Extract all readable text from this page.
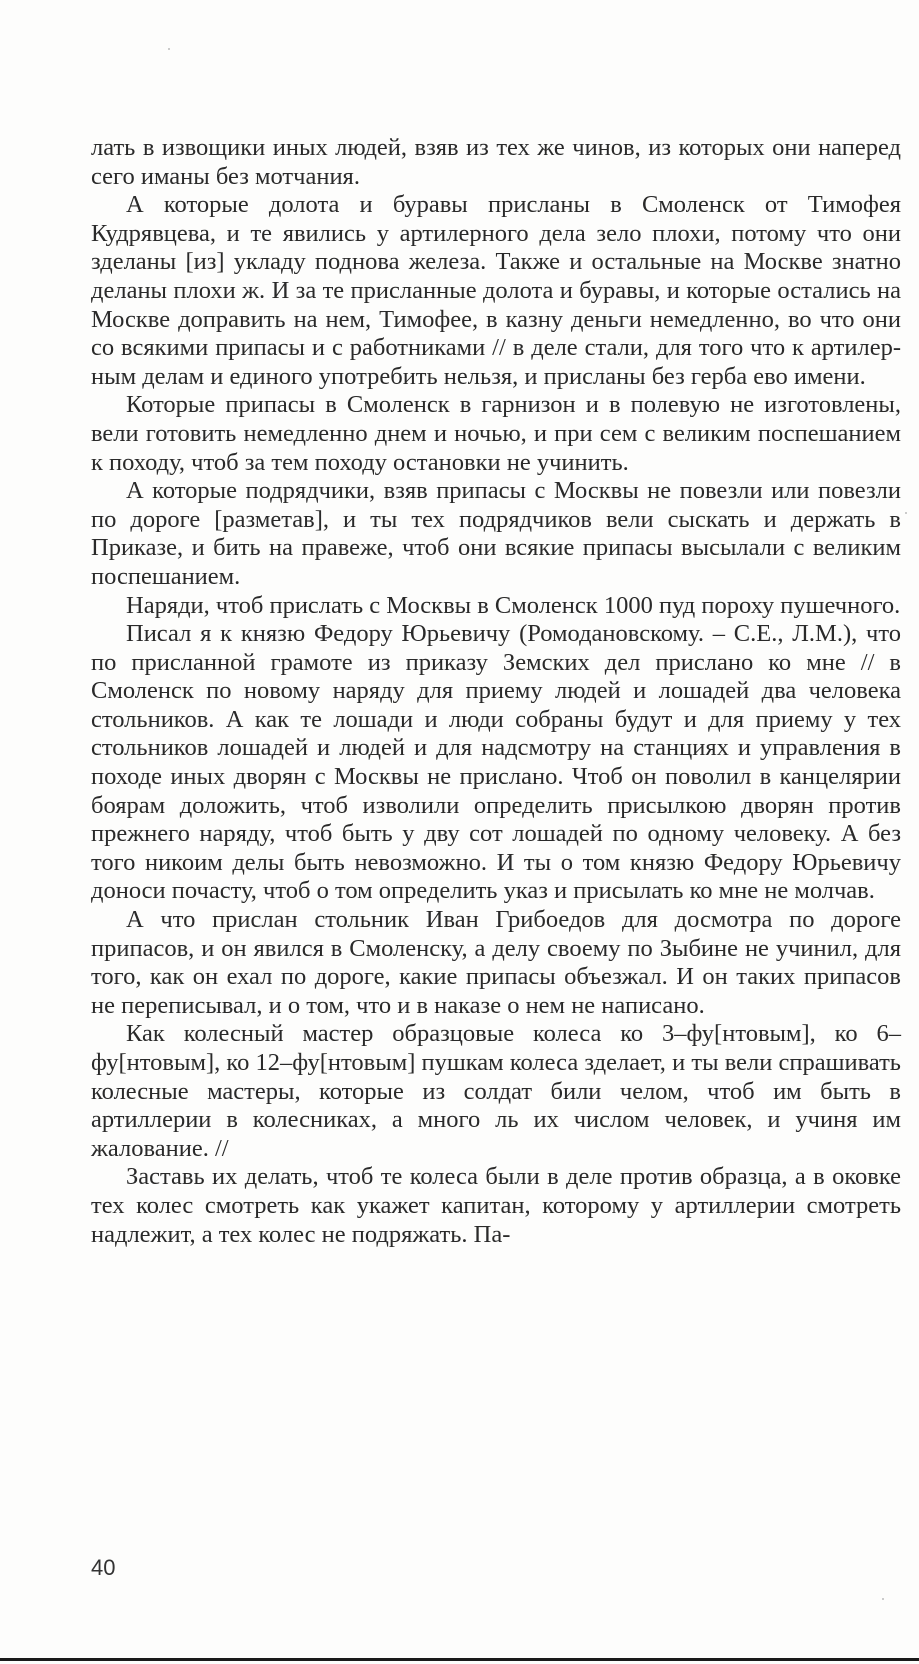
лать в извощики иных людей, взяв из тех же чинов, из которых они наперед сего иманы без мотчания.

А которые долота и буравы присланы в Смоленск от Тимофея Кудрявцева, и те явились у артилерного дела зело плохи, потому что они зделаны [из] укладу поднова железа. Также и остальные на Москве знатно деланы плохи ж. И за те присланные долота и буравы, и которые остались на Москве доправить на нем, Тимофее, в казну деньги немедленно, во что они со всякими припасы и с работниками // в деле стали, для того что к артилерным делам и единого употребить нельзя, и присланы без герба ево имени.

Которые припасы в Смоленск в гарнизон и в полевую не изготовлены, вели готовить немедленно днем и ночью, и при сем с великим поспешанием к походу, чтоб за тем походу остановки не учинить.

А которые подрядчики, взяв припасы с Москвы не повезли или повезли по дороге [разметав], и ты тех подрядчиков вели сыскать и держать в Приказе, и бить на правеже, чтоб они всякие припасы высылали с великим поспешанием.

Наряди, чтоб прислать с Москвы в Смоленск 1000 пуд пороху пушечного.

Писал я к князю Федору Юрьевичу (Ромодановскому. – С.Е., Л.М.), что по присланной грамоте из приказу Земских дел прислано ко мне // в Смоленск по новому наряду для приему людей и лошадей два человека стольников. А как те лошади и люди собраны будут и для приему у тех стольников лошадей и людей и для надсмотру на станциях и управления в походе иных дворян с Москвы не прислано. Чтоб он поволил в канцелярии боярам доложить, чтоб изволили определить присылкою дворян против прежнего наряду, чтоб быть у дву сот лошадей по одному человеку. А без того никоим делы быть невозможно. И ты о том князю Федору Юрьевичу доноси почасту, чтоб о том определить указ и присылать ко мне не молчав.

А что прислан стольник Иван Грибоедов для досмотра по дороге припасов, и он явился в Смоленску, а делу своему по Зыбине не учинил, для того, как он ехал по дороге, какие припасы объезжал. И он таких припасов не переписывал, и о том, что и в наказе о нем не написано.

Как колесный мастер образцовые колеса ко 3–фу[нтовым], ко 6–фу[нтовым], ко 12–фу[нтовым] пушкам колеса зделает, и ты вели спрашивать колесные мастеры, которые из солдат били челом, чтоб им быть в артиллерии в колесниках, а много ль их числом человек, и учиня им жалование. //

Заставь их делать, чтоб те колеса были в деле против образца, а в оковке тех колес смотреть как укажет капитан, которому у артиллерии смотреть надлежит, а тех колес не подряжать. Па-

40
